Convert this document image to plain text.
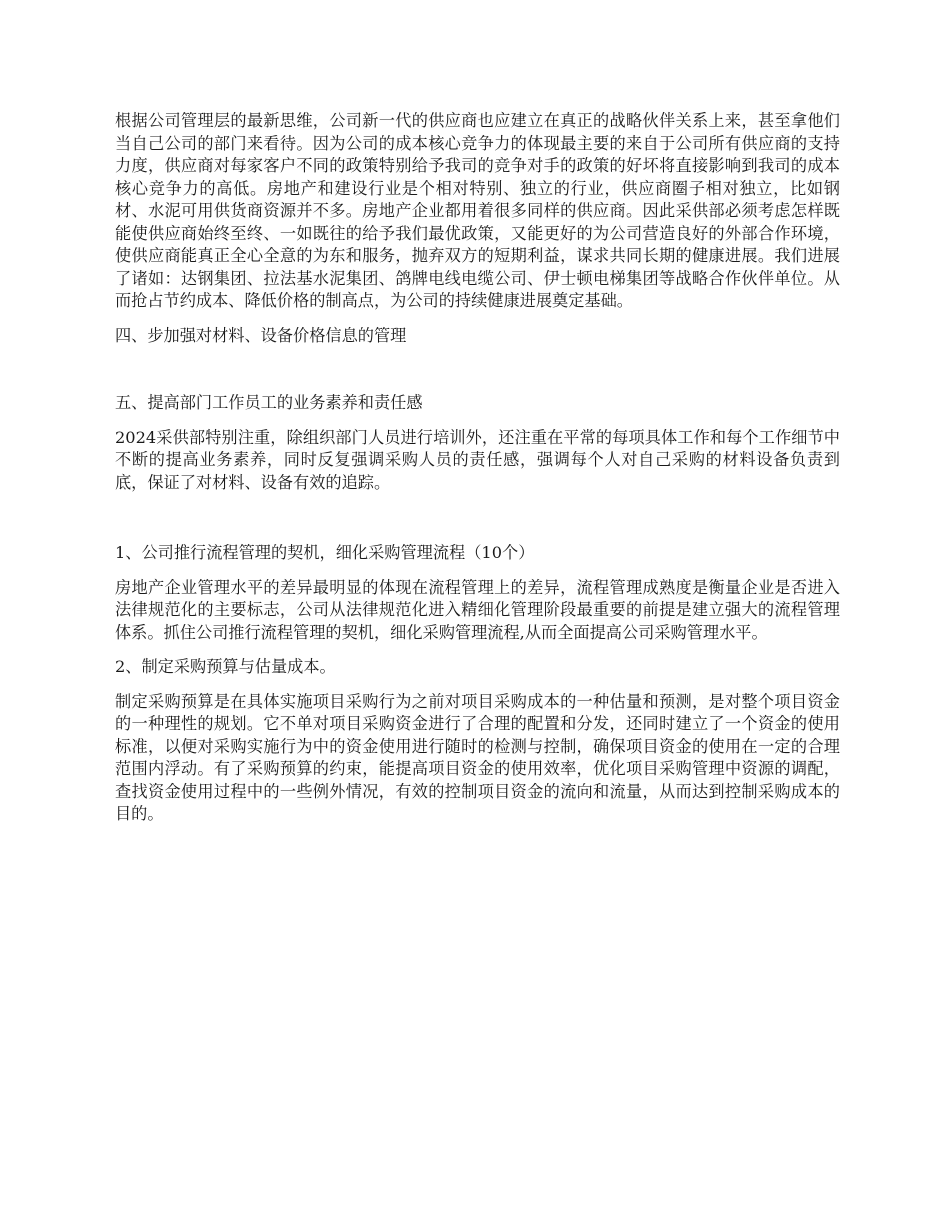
根据公司管理层的最新思维，公司新一代的供应商也应建立在真正的战略伙伴关系上来，甚至拿他们当自己公司的部门来看待。因为公司的成本核心竞争力的体现最主要的来自于公司所有供应商的支持力度，供应商对每家客户不同的政策特别给予我司的竞争对手的政策的好坏将直接影响到我司的成本核心竞争力的高低。房地产和建设行业是个相对特别、独立的行业，供应商圈子相对独立，比如钢材、水泥可用供货商资源并不多。房地产企业都用着很多同样的供应商。因此采供部必须考虑怎样既能使供应商始终至终、一如既往的给予我们最优政策，又能更好的为公司营造良好的外部合作环境，使供应商能真正全心全意的为东和服务，抛弃双方的短期利益，谋求共同长期的健康进展。我们进展了诸如：达钢集团、拉法基水泥集团、鸽牌电线电缆公司、伊士顿电梯集团等战略合作伙伴单位。从而抢占节约成本、降低价格的制高点，为公司的持续健康进展奠定基础。

四、步加强对材料、设备价格信息的管理

五、提高部门工作员工的业务素养和责任感

2024采供部特别注重，除组织部门人员进行培训外，还注重在平常的每项具体工作和每个工作细节中不断的提高业务素养，同时反复强调采购人员的责任感，强调每个人对自己采购的材料设备负责到底，保证了对材料、设备有效的追踪。

1、公司推行流程管理的契机，细化采购管理流程（10个）

房地产企业管理水平的差异最明显的体现在流程管理上的差异，流程管理成熟度是衡量企业是否进入法律规范化的主要标志，公司从法律规范化进入精细化管理阶段最重要的前提是建立强大的流程管理体系。抓住公司推行流程管理的契机，细化采购管理流程,从而全面提高公司采购管理水平。

2、制定采购预算与估量成本。

制定采购预算是在具体实施项目采购行为之前对项目采购成本的一种估量和预测，是对整个项目资金的一种理性的规划。它不单对项目采购资金进行了合理的配置和分发，还同时建立了一个资金的使用标准，以便对采购实施行为中的资金使用进行随时的检测与控制，确保项目资金的使用在一定的合理范围内浮动。有了采购预算的约束，能提高项目资金的使用效率，优化项目采购管理中资源的调配，查找资金使用过程中的一些例外情况，有效的控制项目资金的流向和流量，从而达到控制采购成本的目的。
